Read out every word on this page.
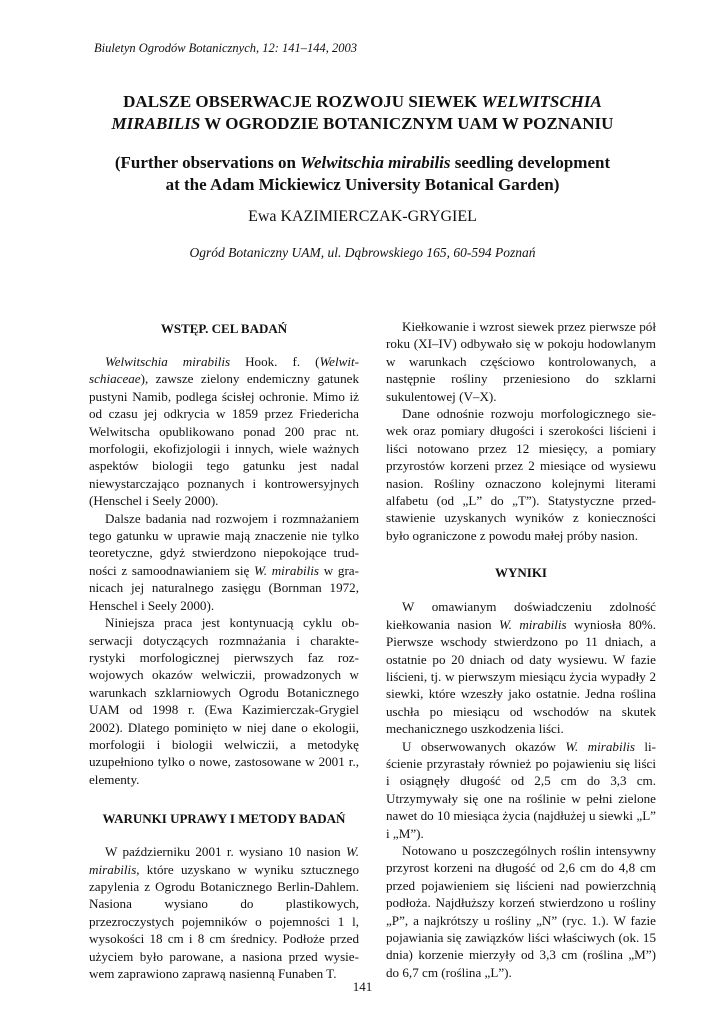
Biuletyn Ogrodów Botanicznych, 12: 141–144, 2003
DALSZE OBSERWACJE ROZWOJU SIEWEK WELWITSCHIA
MIRABILIS W OGRODZIE BOTANICZNYM UAM W POZNANIU
(Further observations on Welwitschia mirabilis seedling development
at the Adam Mickiewicz University Botanical Garden)
Ewa KAZIMIERCZAK-GRYGIEL
Ogród Botaniczny UAM, ul. Dąbrowskiego 165, 60-594 Poznań
WSTĘP. CEL BADAŃ

Welwitschia mirabilis Hook. f. (Welwitschiaceae), zawsze zielony endemiczny gatunek pustyni Namib, podlega ścisłej ochronie. Mimo iż od czasu jej odkrycia w 1859 przez Friedericha Welwitscha opublikowano ponad 200 prac nt. morfologii, ekofizjologii i innych, wiele ważnych aspektów biologii tego gatunku jest nadal niewystarczająco poznanych i kontrowersyjnych (Henschel i Seely 2000).

Dalsze badania nad rozwojem i rozmnażaniem tego gatunku w uprawie mają znaczenie nie tylko teoretyczne, gdyż stwierdzono niepokojące trudności z samoodnawianiem się W. mirabilis w granicach jej naturalnego zasięgu (Bornman 1972, Henschel i Seely 2000).

Niniejsza praca jest kontynuacją cyklu obserwacji dotyczących rozmnażania i charakterystyki morfologicznej pierwszych faz rozwojowych okazów welwiczii, prowadzonych w warunkach szklarniowych Ogrodu Botanicznego UAM od 1998 r. (Ewa Kazimierczak-Grygiel 2002). Dlatego pominięto w niej dane o ekologii, morfologii i biologii welwiczii, a metodykę uzupełniono tylko o nowe, zastosowane w 2001 r., elementy.

WARUNKI UPRAWY I METODY BADAŃ

W październiku 2001 r. wysiano 10 nasion W. mirabilis, które uzyskano w wyniku sztucznego zapylenia z Ogrodu Botanicznego Berlin-Dahlem. Nasiona wysiano do plastikowych, przezroczystych pojemników o pojemności 1 l, wysokości 18 cm i 8 cm średnicy. Podłoże przed użyciem było parowane, a nasiona przed wysiewem zaprawiono zaprawą nasienną Funaben T.

Kiełkowanie i wzrost siewek przez pierwsze pół roku (XI–IV) odbywało się w pokoju hodowlanym w warunkach częściowo kontrolowanych, a następnie rośliny przeniesiono do szklarni sukulentowej (V–X).

Dane odnośnie rozwoju morfologicznego siewek oraz pomiary długości i szerokości liścieni i liści notowano przez 12 miesięcy, a pomiary przyrostów korzeni przez 2 miesiące od wysiewu nasion. Rośliny oznaczono kolejnymi literami alfabetu (od „L” do „T”). Statystyczne przedstawienie uzyskanych wyników z konieczności było ograniczone z powodu małej próby nasion.

WYNIKI

W omawianym doświadczeniu zdolność kiełkowania nasion W. mirabilis wyniosła 80%. Pierwsze wschody stwierdzono po 11 dniach, a ostatnie po 20 dniach od daty wysiewu. W fazie liścieni, tj. w pierwszym miesiącu życia wypadły 2 siewki, które wzeszły jako ostatnie. Jedna roślina uschła po miesiącu od wschodów na skutek mechanicznego uszkodzenia liści.

U obserwowanych okazów W. mirabilis liścienie przyrastały również po pojawieniu się liści i osiągnęły długość od 2,5 cm do 3,3 cm. Utrzymywały się one na roślinie w pełni zielone nawet do 10 miesiąca życia (najdłużej u siewki „L” i „M”).

Notowano u poszczególnych roślin intensywny przyrost korzeni na długość od 2,6 cm do 4,8 cm przed pojawieniem się liścieni nad powierzchnią podłoża. Najdłuższy korzeń stwierdzono u rośliny „P”, a najkrótszy u rośliny „N” (ryc. 1.). W fazie pojawiania się zawiązków liści właściwych (ok. 15 dnia) korzenie mierzyły od 3,3 cm (roślina „M”) do 6,7 cm (roślina „L”).

141
